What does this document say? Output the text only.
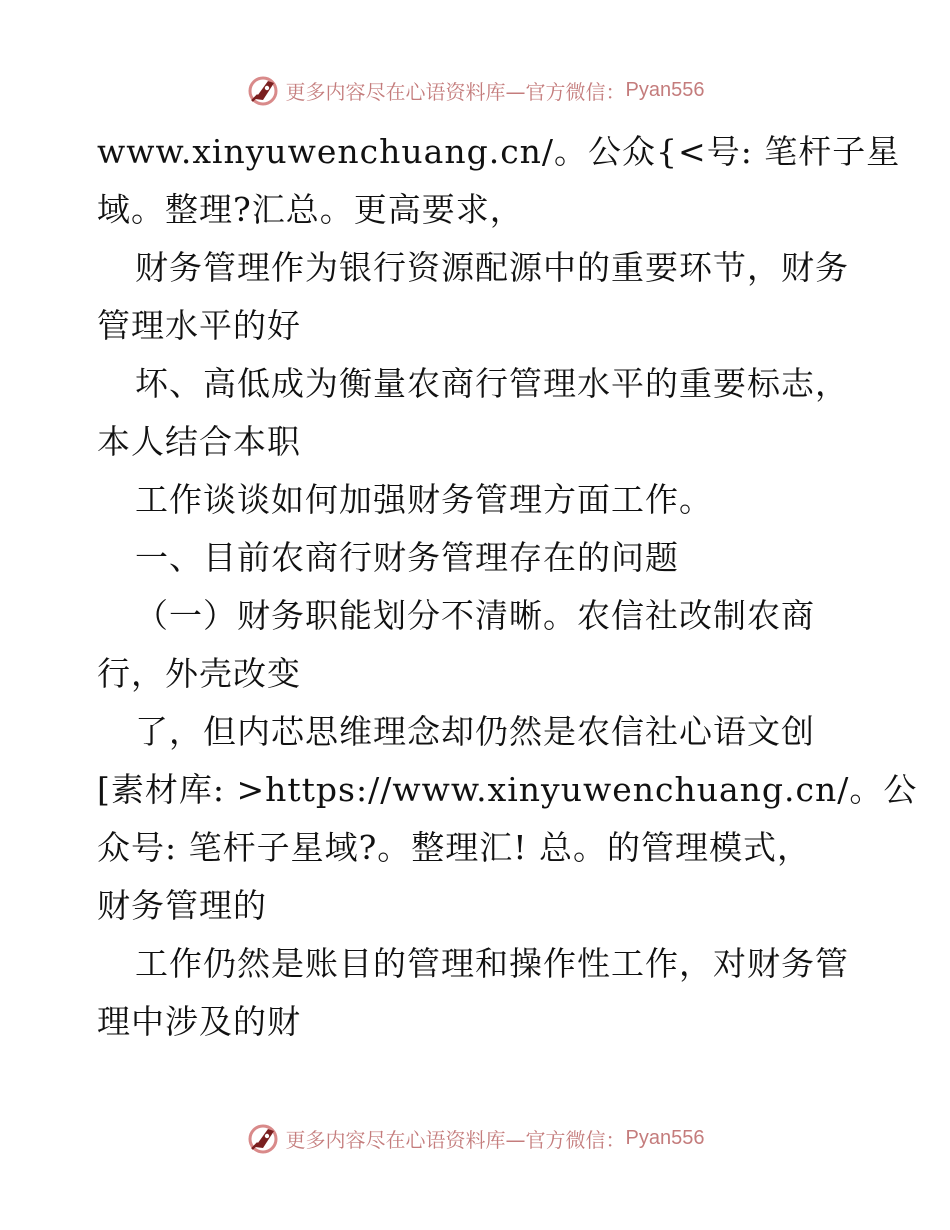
更多内容尽在心语资料库—官方微信： Pyan556

www.xinyuwenchuang.cn/。公众{<号: 笔杆子星

域。整理?汇总。更高要求，

财务管理作为银行资源配源中的重要环节，财务

管理水平的好

坏、高低成为衡量农商行管理水平的重要标志，

本人结合本职

工作谈谈如何加强财务管理方面工作。

一、目前农商行财务管理存在的问题

（一）财务职能划分不清晰。农信社改制农商

行，外壳改变

了，但内芯思维理念却仍然是农信社心语文创

[素材库: >https://www.xinyuwenchuang.cn/。公

众号: 笔杆子星域?。整理汇! 总。的管理模式，

财务管理的

工作仍然是账目的管理和操作性工作，对财务管

理中涉及的财

更多内容尽在心语资料库—官方微信： Pyan556
